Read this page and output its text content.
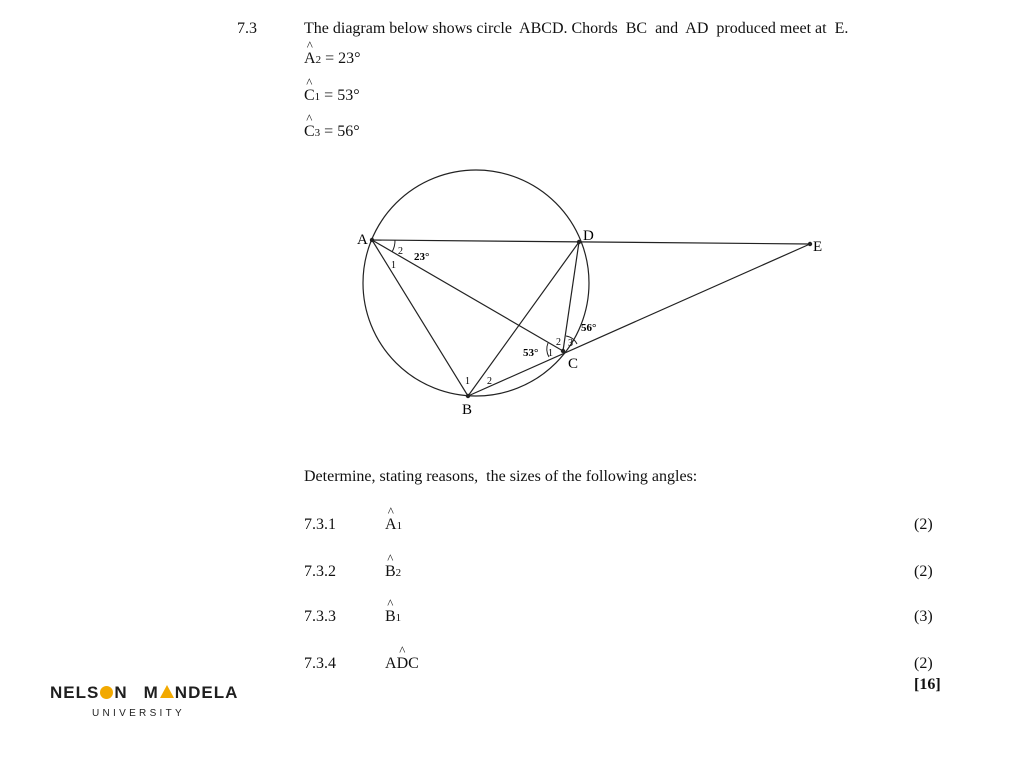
7.3	The diagram below shows circle  ABCD. Chords  BC  and  AD  produced meet at  E.
^
A2 = 23°
^
C1 = 53°
^
C3 = 56°
A	D
E
C
B
2
1
23°
1 2
1
2 3
53°
56°
Determine, stating reasons,  the sizes of the following angles:
7.3.1
^
A1	(2)
7.3.2
^
B2	(2)
7.3.3
^
B1	(3)
7.3.4	A
^
DC	(2)
[16]
NELS N M NDELA
UNIVERSITY
